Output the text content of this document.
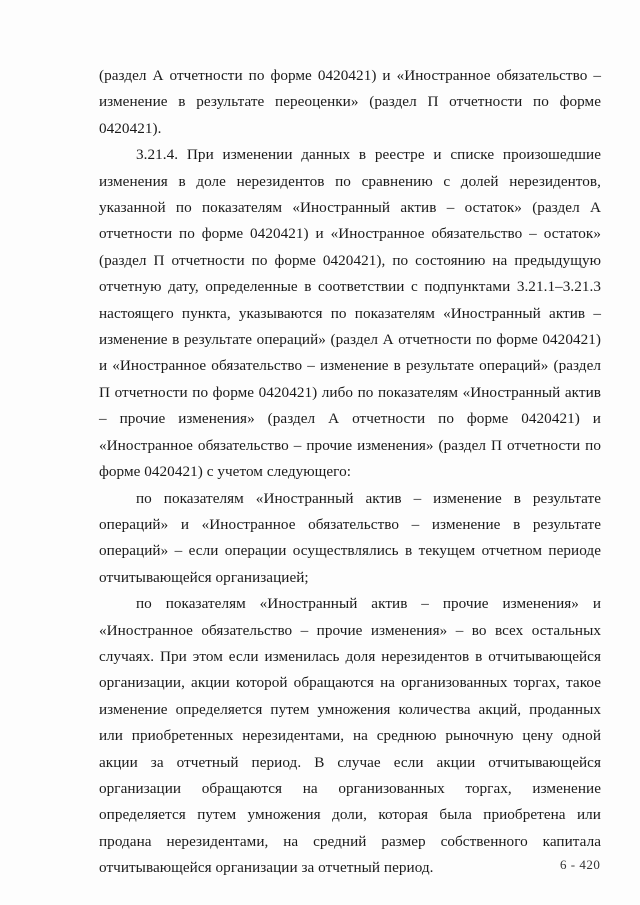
(раздел А отчетности по форме 0420421) и «Иностранное обязательство – изменение в результате переоценки» (раздел П отчетности по форме 0420421).

3.21.4. При изменении данных в реестре и списке произошедшие изменения в доле нерезидентов по сравнению с долей нерезидентов, указанной по показателям «Иностранный актив – остаток» (раздел А отчетности по форме 0420421) и «Иностранное обязательство – остаток» (раздел П отчетности по форме 0420421), по состоянию на предыдущую отчетную дату, определенные в соответствии с подпунктами 3.21.1–3.21.3 настоящего пункта, указываются по показателям «Иностранный актив – изменение в результате операций» (раздел А отчетности по форме 0420421) и «Иностранное обязательство – изменение в результате операций» (раздел П отчетности по форме 0420421) либо по показателям «Иностранный актив – прочие изменения» (раздел А отчетности по форме 0420421) и «Иностранное обязательство – прочие изменения» (раздел П отчетности по форме 0420421) с учетом следующего:

по показателям «Иностранный актив – изменение в результате операций» и «Иностранное обязательство – изменение в результате операций» – если операции осуществлялись в текущем отчетном периоде отчитывающейся организацией;

по показателям «Иностранный актив – прочие изменения» и «Иностранное обязательство – прочие изменения» – во всех остальных случаях. При этом если изменилась доля нерезидентов в отчитывающейся организации, акции которой обращаются на организованных торгах, такое изменение определяется путем умножения количества акций, проданных или приобретенных нерезидентами, на среднюю рыночную цену одной акции за отчетный период. В случае если акции отчитывающейся организации обращаются на организованных торгах, изменение определяется путем умножения доли, которая была приобретена или продана нерезидентами, на средний размер собственного капитала отчитывающейся организации за отчетный период.	6 ‑ 420
